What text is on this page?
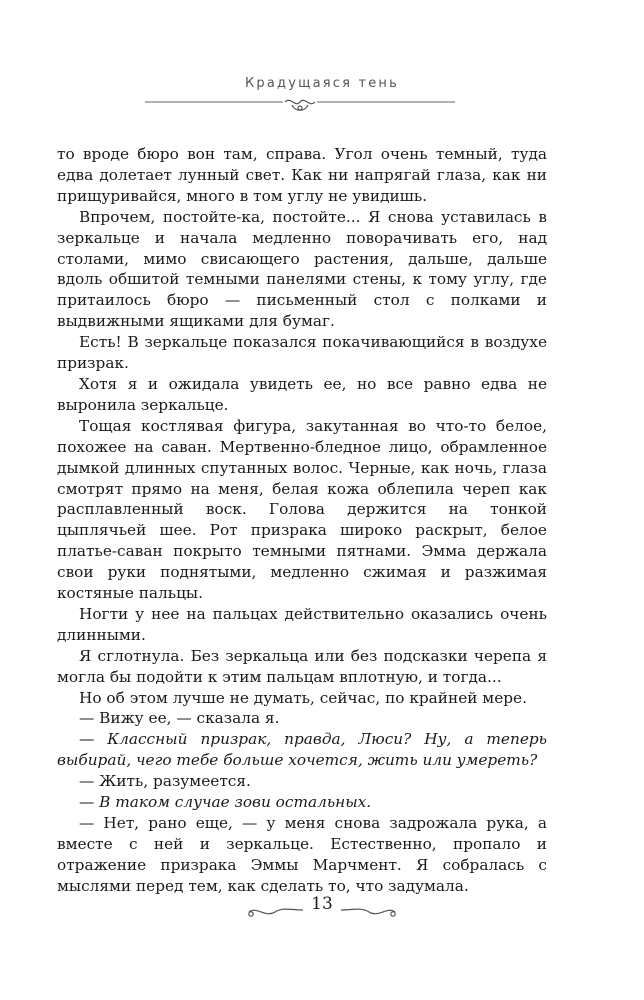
Крадущаяся тень

то вроде бюро вон там, справа. Угол очень темный, туда едва долетает лунный свет. Как ни напрягай глаза, как ни прищуривайся, много в том углу не увидишь.

Впрочем, постойте-ка, постойте... Я снова уставилась в зеркальце и начала медленно поворачивать его, над столами, мимо свисающего растения, дальше, дальше вдоль обшитой темными панелями стены, к тому углу, где притаилось бюро — письменный стол с полками и выдвижными ящиками для бумаг.

Есть! В зеркальце показался покачивающийся в воздухе призрак.

Хотя я и ожидала увидеть ее, но все равно едва не выронила зеркальце.

Тощая костлявая фигура, закутанная во что-то белое, похожее на саван. Мертвенно-бледное лицо, обрамленное дымкой длинных спутанных волос. Черные, как ночь, глаза смотрят прямо на меня, белая кожа облепила череп как расплавленный воск. Голова держится на тонкой цыплячьей шее. Рот призрака широко раскрыт, белое платье-саван покрыто темными пятнами. Эмма держала свои руки поднятыми, медленно сжимая и разжимая костяные пальцы.

Ногти у нее на пальцах действительно оказались очень длинными.

Я сглотнула. Без зеркальца или без подсказки черепа я могла бы подойти к этим пальцам вплотную, и тогда...

Но об этом лучше не думать, сейчас, по крайней мере.

— Вижу ее, — сказала я.

— Классный призрак, правда, Люси? Ну, а теперь выбирай, чего тебе больше хочется, жить или умереть?

— Жить, разумеется.

— В таком случае зови остальных.

— Нет, рано еще, — у меня снова задрожала рука, а вместе с ней и зеркальце. Естественно, пропало и отражение призрака Эммы Марчмент. Я собралась с мыслями перед тем, как сделать то, что задумала.

13
